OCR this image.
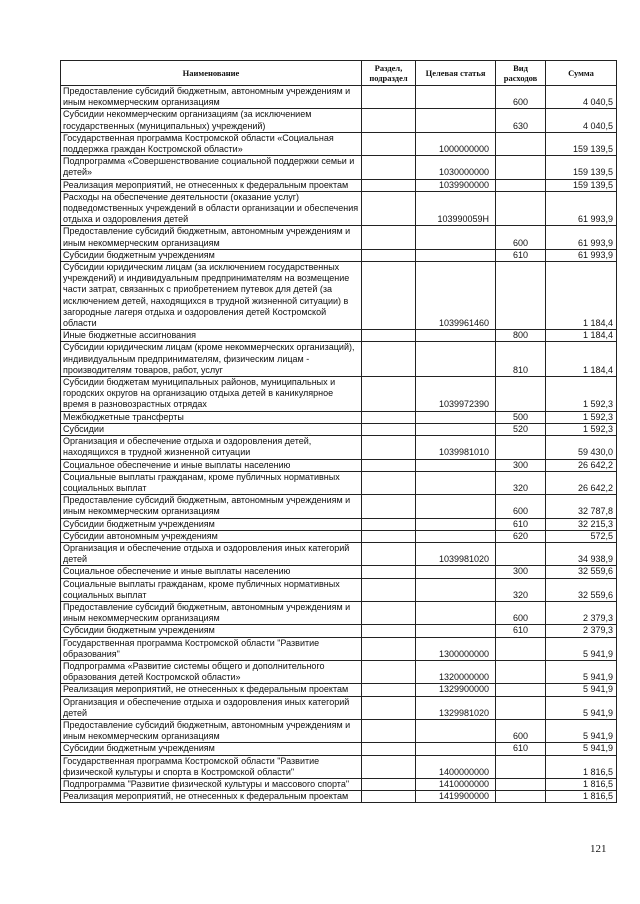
Наименование	Раздел, подраздел	Целевая статья	Вид расходов	Сумма
Предоставление субсидий бюджетным, автономным учреждениям и иным некоммерческим организациям			600	4 040,5
Субсидии некоммерческим организациям (за исключением государственных (муниципальных) учреждений)			630	4 040,5
Государственная программа Костромской области «Социальная поддержка граждан Костромской области»		1000000000		159 139,5
Подпрограмма «Совершенствование социальной поддержки семьи и детей»		1030000000		159 139,5
Реализация мероприятий, не отнесенных к федеральным проектам		1039900000		159 139,5
Расходы на обеспечение деятельности (оказание услуг) подведомственных учреждений в области организации и обеспечения отдыха и оздоровления детей		103990059Н		61 993,9
Предоставление субсидий бюджетным, автономным учреждениям и иным некоммерческим организациям			600	61 993,9
Субсидии бюджетным учреждениям			610	61 993,9
Субсидии юридическим лицам (за исключением государственных учреждений) и индивидуальным предпринимателям на возмещение части затрат, связанных с приобретением путевок для детей (за исключением детей, находящихся в трудной жизненной ситуации) в загородные лагеря отдыха и оздоровления детей Костромской области		1039961460		1 184,4
Иные бюджетные ассигнования			800	1 184,4
Субсидии юридическим лицам (кроме некоммерческих организаций), индивидуальным предпринимателям, физическим лицам - производителям товаров, работ, услуг			810	1 184,4
Субсидии бюджетам муниципальных районов, муниципальных и городских округов на организацию отдыха детей в каникулярное время в разновозрастных отрядах		1039972390		1 592,3
Межбюджетные трансферты			500	1 592,3
Субсидии			520	1 592,3
Организация и обеспечение отдыха и оздоровления детей, находящихся в трудной жизненной ситуации		1039981010		59 430,0
Социальное обеспечение и иные выплаты населению			300	26 642,2
Социальные выплаты гражданам, кроме публичных нормативных социальных выплат			320	26 642,2
Предоставление субсидий бюджетным, автономным учреждениям и иным некоммерческим организациям			600	32 787,8
Субсидии бюджетным учреждениям			610	32 215,3
Субсидии автономным учреждениям			620	572,5
Организация и обеспечение отдыха и оздоровления иных категорий детей		1039981020		34 938,9
Социальное обеспечение и иные выплаты населению			300	32 559,6
Социальные выплаты гражданам, кроме публичных нормативных социальных выплат			320	32 559,6
Предоставление субсидий бюджетным, автономным учреждениям и иным некоммерческим организациям			600	2 379,3
Субсидии бюджетным учреждениям			610	2 379,3
Государственная программа Костромской области "Развитие образования"		1300000000		5 941,9
Подпрограмма «Развитие системы общего и дополнительного образования детей Костромской области»		1320000000		5 941,9
Реализация мероприятий, не отнесенных к федеральным проектам		1329900000		5 941,9
Организация и обеспечение отдыха и оздоровления иных категорий детей		1329981020		5 941,9
Предоставление субсидий бюджетным, автономным учреждениям и иным некоммерческим организациям			600	5 941,9
Субсидии бюджетным учреждениям			610	5 941,9
Государственная программа Костромской области "Развитие физической культуры и спорта в Костромской области"		1400000000		1 816,5
Подпрограмма "Развитие физической культуры и массового спорта"		1410000000		1 816,5
Реализация мероприятий, не отнесенных к федеральным проектам		1419900000		1 816,5
121
